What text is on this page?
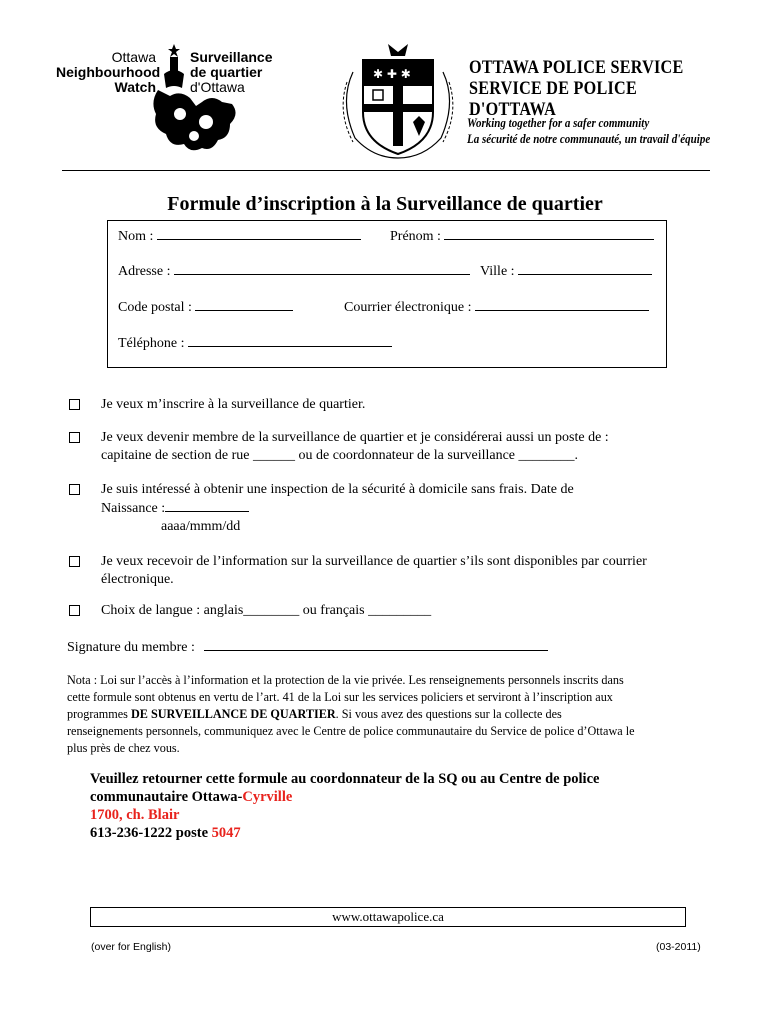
Ottawa
Neighbourhood
Watch
Surveillance
de quartier
d'Ottawa
✱ ✚ ✱	OTTAWA POLICE SERVICE
SERVICE DE POLICE D'OTTAWA
Working together for a safer community
La sécurité de notre communauté, un travail d'équipe
Formule d’inscription à la Surveillance de quartier
Nom :	Prénom :
Adresse :	Ville :
Code postal :	Courrier électronique :
Téléphone :
Je veux m’inscrire à la surveillance de quartier.
Je veux devenir membre de la surveillance de quartier et je considérerai aussi un poste de :
capitaine de section de rue ______ ou de coordonnateur de la surveillance ________.
Je suis intéressé à obtenir une inspection de la sécurité à domicile sans frais. Date de
Naissance :
aaaa/mmm/dd
Je veux recevoir de l’information sur la surveillance de quartier s’ils sont disponibles par courrier
électronique.
Choix de langue : anglais________ ou français _________
Signature du membre :
Nota : Loi sur l’accès à l’information et la protection de la vie privée. Les renseignements personnels inscrits dans
cette formule sont obtenus en vertu de l’art. 41 de la Loi sur les services policiers et serviront à l’inscription aux
programmes DE SURVEILLANCE DE QUARTIER. Si vous avez des questions sur la collecte des
renseignements personnels, communiquez avec le Centre de police communautaire du Service de police d’Ottawa le
plus près de chez vous.
Veuillez retourner cette formule au coordonnateur de la SQ ou au Centre de police
communautaire Ottawa-Cyrville
1700, ch. Blair
613-236-1222 poste 5047
www.ottawapolice.ca
(over for English)	(03-2011)
